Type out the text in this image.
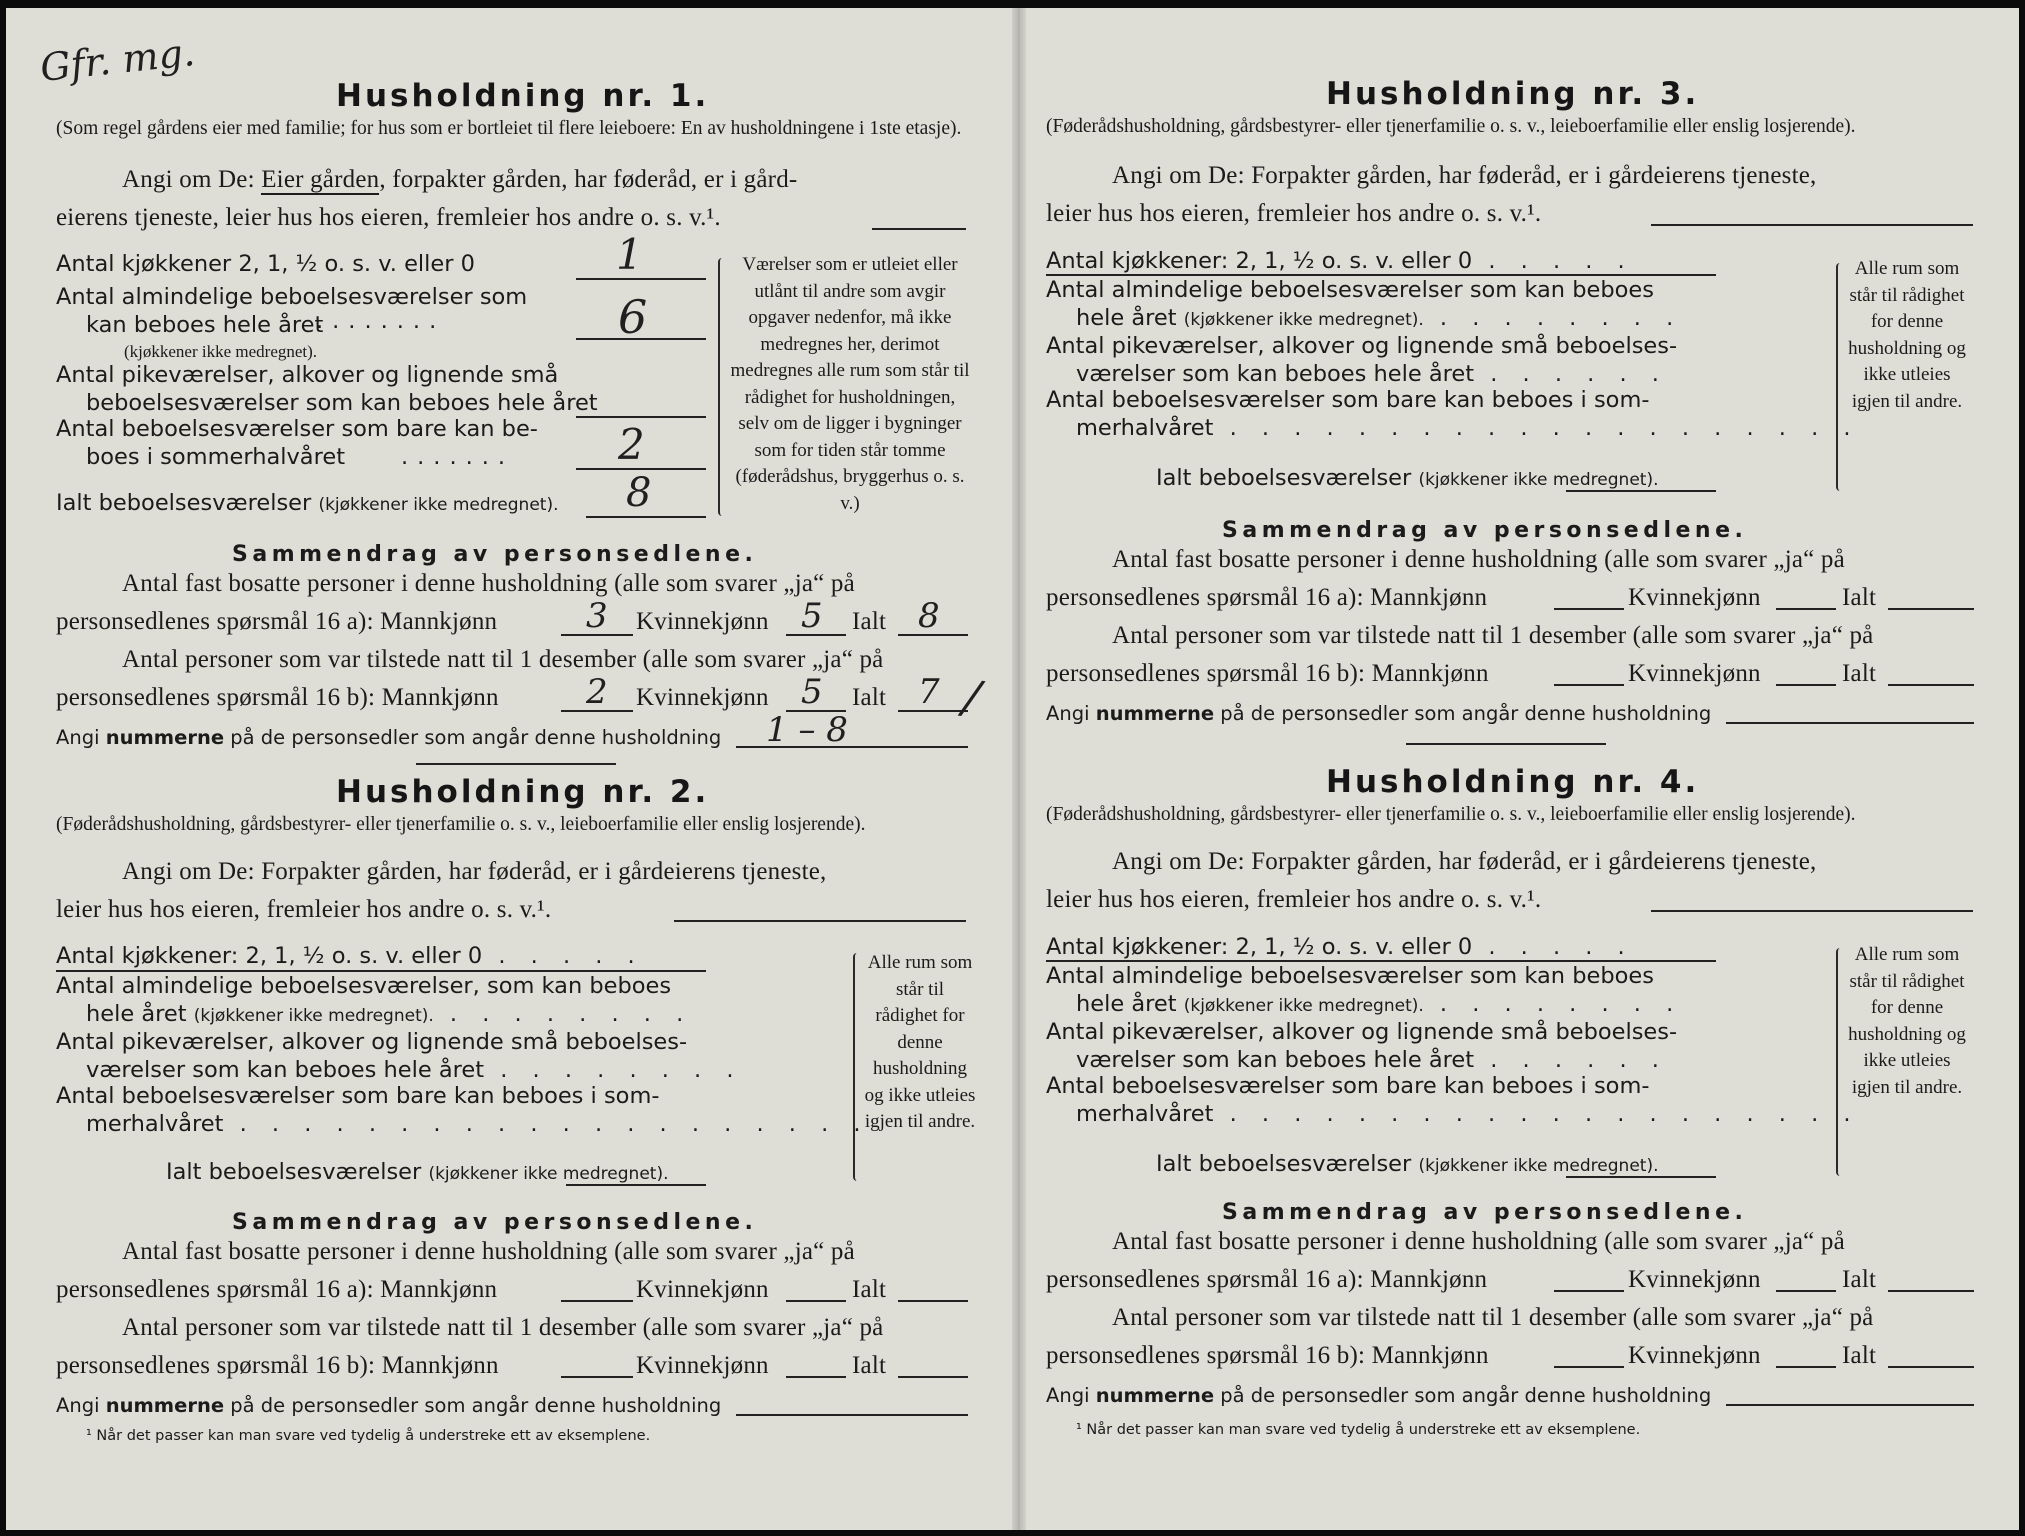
Gfr. mg.
Husholdning nr. 1.
(Som regel gårdens eier med familie; for hus som er bortleiet til flere leieboere: En av husholdningene i 1ste etasje).
Angi om De: Eier gården, forpakter gården, har føderåd, er i gård-
eierens tjeneste, leier hus hos eieren, fremleier hos andre o. s. v.¹.
Antal kjøkkener 2, 1, ½ o. s. v. eller 0	1
Antal almindelige beboelsesværelser som
kan beboes hele året
........
(kjøkkener ikke medregnet).
6
Antal pikeværelser, alkover og lignende små
beboelsesværelser som kan beboes hele året
Antal beboelsesværelser som bare kan be-
boes i sommerhalvåret ....... 2
Ialt beboelsesværelser (kjøkkener ikke medregnet). 8
Værelser som er utleiet eller utlånt til andre som avgir opgaver nedenfor, må ikke medregnes her, derimot medregnes alle rum som står til rådighet for husholdningen, selv om de ligger i bygninger som for tiden står tomme (føderådshus, bryggerhus o. s. v.)
Sammendrag av personsedlene.
Antal fast bosatte personer i denne husholdning (alle som svarer „ja“ på
personsedlenes spørsmål 16 a): Mannkjønn	3 Kvinnekjønn 5 Ialt 8
Antal personer som var tilstede natt til 1 desember (alle som svarer „ja“ på
personsedlenes spørsmål 16 b): Mannkjønn	2 Kvinnekjønn 5 Ialt 7 /
Angi nummerne på de personsedler som angår denne husholdning 1 – 8
Husholdning nr. 2.
(Føderådshusholdning, gårdsbestyrer- eller tjenerfamilie o. s. v., leieboerfamilie eller enslig losjerende).
Angi om De: Forpakter gården, har føderåd, er i gårdeierens tjeneste,
leier hus hos eieren, fremleier hos andre o. s. v.¹.
Antal kjøkkener: 2, 1, ½ o. s. v. eller 0 . . . . .
Antal almindelige beboelsesværelser, som kan beboes
hele året (kjøkkener ikke medregnet). . . . . . . . .
Antal pikeværelser, alkover og lignende små beboelses-
værelser som kan beboes hele året . . . . . . . .
Antal beboelsesværelser som bare kan beboes i som-
merhalvåret . . . . . . . . . . . . . . . . . . . .
Ialt beboelsesværelser (kjøkkener ikke medregnet).
Alle rum som står til rådighet for denne husholdning og ikke utleies igjen til andre.
Sammendrag av personsedlene.
Antal fast bosatte personer i denne husholdning (alle som svarer „ja“ på
personsedlenes spørsmål 16 a): Mannkjønn	Kvinnekjønn	Ialt
Antal personer som var tilstede natt til 1 desember (alle som svarer „ja“ på
personsedlenes spørsmål 16 b): Mannkjønn	Kvinnekjønn	Ialt
Angi nummerne på de personsedler som angår denne husholdning
¹ Når det passer kan man svare ved tydelig å understreke ett av eksemplene.
Husholdning nr. 3.
(Føderådshusholdning, gårdsbestyrer- eller tjenerfamilie o. s. v., leieboerfamilie eller enslig losjerende).
Angi om De: Forpakter gården, har føderåd, er i gårdeierens tjeneste,
leier hus hos eieren, fremleier hos andre o. s. v.¹.
Antal kjøkkener: 2, 1, ½ o. s. v. eller 0 . . . . .
Antal almindelige beboelsesværelser som kan beboes
hele året (kjøkkener ikke medregnet). . . . . . . . .
Antal pikeværelser, alkover og lignende små beboelses-
værelser som kan beboes hele året . . . . . .
Antal beboelsesværelser som bare kan beboes i som-
merhalvåret . . . . . . . . . . . . . . . . . . . .
Ialt beboelsesværelser (kjøkkener ikke medregnet).
Alle rum som står til rådighet for denne husholdning og ikke utleies igjen til andre.
Sammendrag av personsedlene.
Antal fast bosatte personer i denne husholdning (alle som svarer „ja“ på
personsedlenes spørsmål 16 a): Mannkjønn	Kvinnekjønn	Ialt
Antal personer som var tilstede natt til 1 desember (alle som svarer „ja“ på
personsedlenes spørsmål 16 b): Mannkjønn	Kvinnekjønn	Ialt
Angi nummerne på de personsedler som angår denne husholdning
Husholdning nr. 4.
(Føderådshusholdning, gårdsbestyrer- eller tjenerfamilie o. s. v., leieboerfamilie eller enslig losjerende).
Angi om De: Forpakter gården, har føderåd, er i gårdeierens tjeneste,
leier hus hos eieren, fremleier hos andre o. s. v.¹.
Antal kjøkkener: 2, 1, ½ o. s. v. eller 0 . . . . .
Antal almindelige beboelsesværelser som kan beboes
hele året (kjøkkener ikke medregnet). . . . . . . . .
Antal pikeværelser, alkover og lignende små beboelses-
værelser som kan beboes hele året . . . . . .
Antal beboelsesværelser som bare kan beboes i som-
merhalvåret . . . . . . . . . . . . . . . . . . . .
Ialt beboelsesværelser (kjøkkener ikke medregnet).
Alle rum som står til rådighet for denne husholdning og ikke utleies igjen til andre.
Sammendrag av personsedlene.
Antal fast bosatte personer i denne husholdning (alle som svarer „ja“ på
personsedlenes spørsmål 16 a): Mannkjønn	Kvinnekjønn	Ialt
Antal personer som var tilstede natt til 1 desember (alle som svarer „ja“ på
personsedlenes spørsmål 16 b): Mannkjønn	Kvinnekjønn	Ialt
Angi nummerne på de personsedler som angår denne husholdning
¹ Når det passer kan man svare ved tydelig å understreke ett av eksemplene.
